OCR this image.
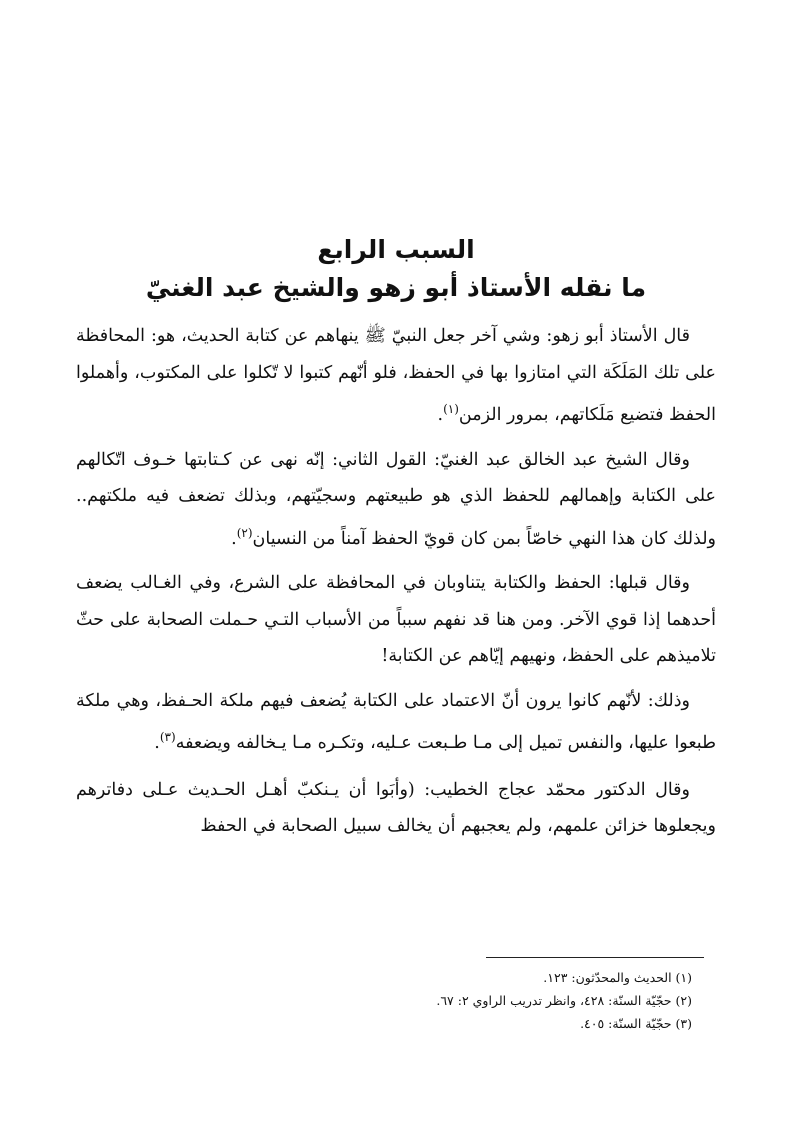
السبب الرابع
ما نقله الأستاذ أبو زهو والشيخ عبد الغنيّ

قال الأستاذ أبو زهو: وشي آخر جعل النبيّ ﷺ ينهاهم عن كتابة الحديث، هو: المحافظة على تلك المَلَكَة التي امتازوا بها في الحفظ، فلو أنّهم كتبوا لا تّكلوا على المكتوب، وأهملوا الحفظ فتضيع مَلَكاتهم، بمرور الزمن$^{(١)}$.

وقال الشيخ عبد الخالق عبد الغنيّ: القول الثاني: إنّه نهى عن كـتابتها خـوف اتّكالهم على الكتابة وإهمالهم للحفظ الذي هو طبيعتهم وسجيّتهم، وبذلك تضعف فيه ملكتهم.. ولذلك كان هذا النهي خاصّاً بمن كان قويّ الحفظ آمناً من النسيان$^{(٢)}$.

وقال قبلها: الحفظ والكتابة يتناوبان في المحافظة على الشرع، وفي الغـالب يضعف أحدهما إذا قوي الآخر. ومن هنا قد نفهم سبباً من الأسباب التـي حـملت الصحابة على حثّ تلاميذهم على الحفظ، ونهيهم إيّاهم عن الكتابة!

وذلك: لأنّهم كانوا يرون أنّ الاعتماد على الكتابة يُضعف فيهم ملكة الحـفظ، وهي ملكة طبعوا عليها، والنفس تميل إلى مـا طـبعت عـليه، وتكـره مـا يـخالفه ويضعفه$^{(٣)}$.

وقال الدكتور محمّد عجاج الخطيب: (وأبَوا أن يـنكبّ أهـل الحـديث عـلى دفاترهم ويجعلوها خزائن علمهم، ولم يعجبهم أن يخالف سبيل الصحابة في الحفظ

(١) الحديث والمحدّثون: ١٢٣.

(٢) حجّيّة السنّة: ٤٢٨، وانظر تدريب الراوي ٢: ٦٧.

(٣) حجّيّة السنّة: ٤٠٥.
